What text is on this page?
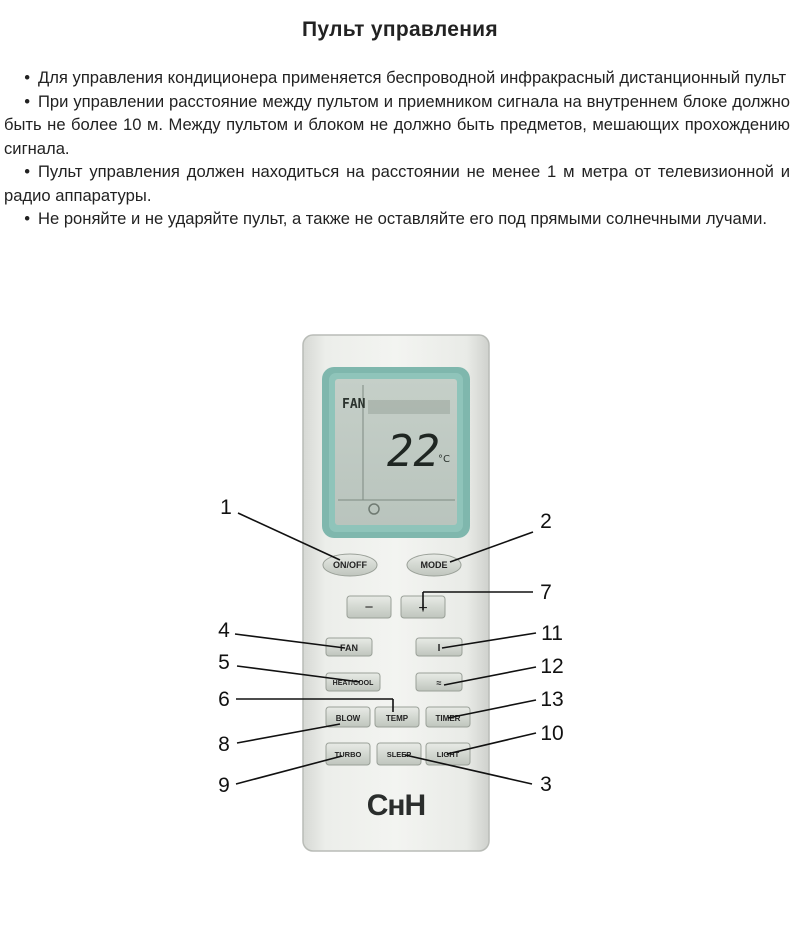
Пульт управления

• Для управления кондиционера применяется беспроводной инфракрасный дистанционный пульт

• При управлении расстояние между пультом и приемником сигнала на внутреннем блоке должно быть не более 10 м. Между пультом и блоком не должно быть предметов, мешающих прохождению сигнала.

• Пульт управления должен находиться на расстоянии не менее 1 м метра от телевизионной и радио аппаратуры.

• Не роняйте и не ударяйте пульт, а также не оставляйте его под прямыми солнечными лучами.

FAN
22
°C
ON/OFF	MODE
−	+
FAN	I
HEAT/COOL	≈
BLOW	TEMP	TIMER
TURBO	SLEEP	LIGHT
CʜH
1
2
7
4	11
5	12
6	13
8	10
9	3
